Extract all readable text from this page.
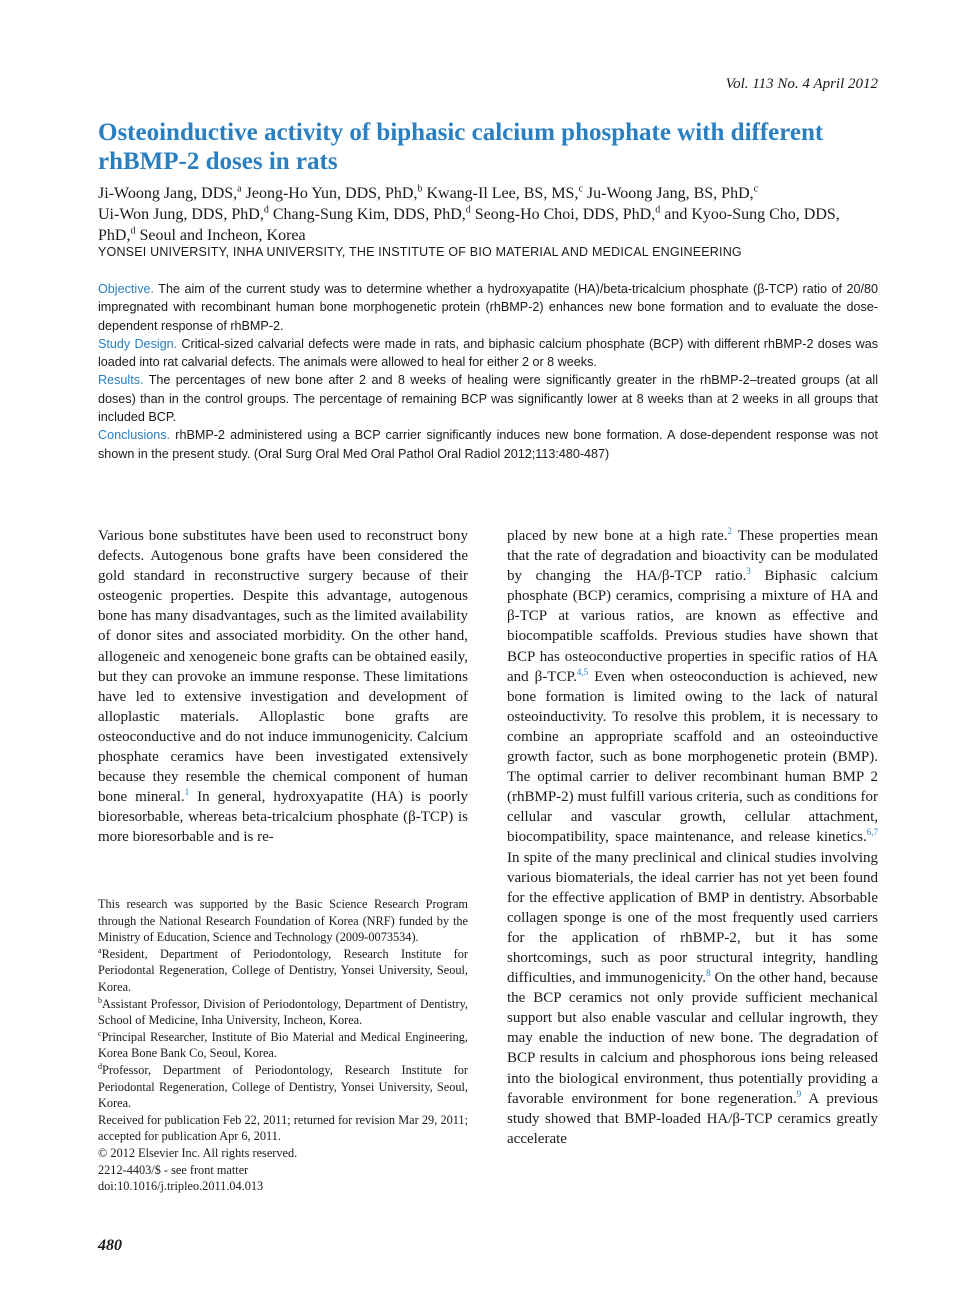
Vol. 113 No. 4 April 2012
Osteoinductive activity of biphasic calcium phosphate with different rhBMP-2 doses in rats
Ji-Woong Jang, DDS,$^a$ Jeong-Ho Yun, DDS, PhD,$^b$ Kwang-Il Lee, BS, MS,$^c$ Ju-Woong Jang, BS, PhD,$^c$
Ui-Won Jung, DDS, PhD,$^d$ Chang-Sung Kim, DDS, PhD,$^d$ Seong-Ho Choi, DDS, PhD,$^d$ and Kyoo-Sung Cho, DDS, PhD,$^d$ Seoul and Incheon, Korea
YONSEI UNIVERSITY, INHA UNIVERSITY, THE INSTITUTE OF BIO MATERIAL AND MEDICAL ENGINEERING

Objective. The aim of the current study was to determine whether a hydroxyapatite (HA)/beta-tricalcium phosphate (β-TCP) ratio of 20/80 impregnated with recombinant human bone morphogenetic protein (rhBMP-2) enhances new bone formation and to evaluate the dose-dependent response of rhBMP-2.

Study Design. Critical-sized calvarial defects were made in rats, and biphasic calcium phosphate (BCP) with different rhBMP-2 doses was loaded into rat calvarial defects. The animals were allowed to heal for either 2 or 8 weeks.

Results. The percentages of new bone after 2 and 8 weeks of healing were significantly greater in the rhBMP-2–treated groups (at all doses) than in the control groups. The percentage of remaining BCP was significantly lower at 8 weeks than at 2 weeks in all groups that included BCP.

Conclusions. rhBMP-2 administered using a BCP carrier significantly induces new bone formation. A dose-dependent response was not shown in the present study. (Oral Surg Oral Med Oral Pathol Oral Radiol 2012;113:480-487)

Various bone substitutes have been used to reconstruct bony defects. Autogenous bone grafts have been considered the gold standard in reconstructive surgery because of their osteogenic properties. Despite this advantage, autogenous bone has many disadvantages, such as the limited availability of donor sites and associated morbidity. On the other hand, allogeneic and xenogeneic bone grafts can be obtained easily, but they can provoke an immune response. These limitations have led to extensive investigation and development of alloplastic materials. Alloplastic bone grafts are osteoconductive and do not induce immunogenicity. Calcium phosphate ceramics have been investigated extensively because they resemble the chemical component of human bone mineral.$^1$ In general, hydroxyapatite (HA) is poorly bioresorbable, whereas beta-tricalcium phosphate (β-TCP) is more bioresorbable and is re-

This research was supported by the Basic Science Research Program through the National Research Foundation of Korea (NRF) funded by the Ministry of Education, Science and Technology (2009-0073534).

$^a$Resident, Department of Periodontology, Research Institute for Periodontal Regeneration, College of Dentistry, Yonsei University, Seoul, Korea.

$^b$Assistant Professor, Division of Periodontology, Department of Dentistry, School of Medicine, Inha University, Incheon, Korea.

$^c$Principal Researcher, Institute of Bio Material and Medical Engineering, Korea Bone Bank Co, Seoul, Korea.

$^d$Professor, Department of Periodontology, Research Institute for Periodontal Regeneration, College of Dentistry, Yonsei University, Seoul, Korea.

Received for publication Feb 22, 2011; returned for revision Mar 29, 2011; accepted for publication Apr 6, 2011.

© 2012 Elsevier Inc. All rights reserved.

2212-4403/$ - see front matter

doi:10.1016/j.tripleo.2011.04.013

placed by new bone at a high rate.$^2$ These properties mean that the rate of degradation and bioactivity can be modulated by changing the HA/β-TCP ratio.$^3$ Biphasic calcium phosphate (BCP) ceramics, comprising a mixture of HA and β-TCP at various ratios, are known as effective and biocompatible scaffolds. Previous studies have shown that BCP has osteoconductive properties in specific ratios of HA and β-TCP.$^{4,5}$ Even when osteoconduction is achieved, new bone formation is limited owing to the lack of natural osteoinductivity. To resolve this problem, it is necessary to combine an appropriate scaffold and an osteoinductive growth factor, such as bone morphogenetic protein (BMP). The optimal carrier to deliver recombinant human BMP 2 (rhBMP-2) must fulfill various criteria, such as conditions for cellular and vascular growth, cellular attachment, biocompatibility, space maintenance, and release kinetics.$^{6,7}$ In spite of the many preclinical and clinical studies involving various biomaterials, the ideal carrier has not yet been found for the effective application of BMP in dentistry. Absorbable collagen sponge is one of the most frequently used carriers for the application of rhBMP-2, but it has some shortcomings, such as poor structural integrity, handling difficulties, and immunogenicity.$^8$ On the other hand, because the BCP ceramics not only provide sufficient mechanical support but also enable vascular and cellular ingrowth, they may enable the induction of new bone. The degradation of BCP results in calcium and phosphorous ions being released into the biological environment, thus potentially providing a favorable environment for bone regeneration.$^9$ A previous study showed that BMP-loaded HA/β-TCP ceramics greatly accelerate

480
